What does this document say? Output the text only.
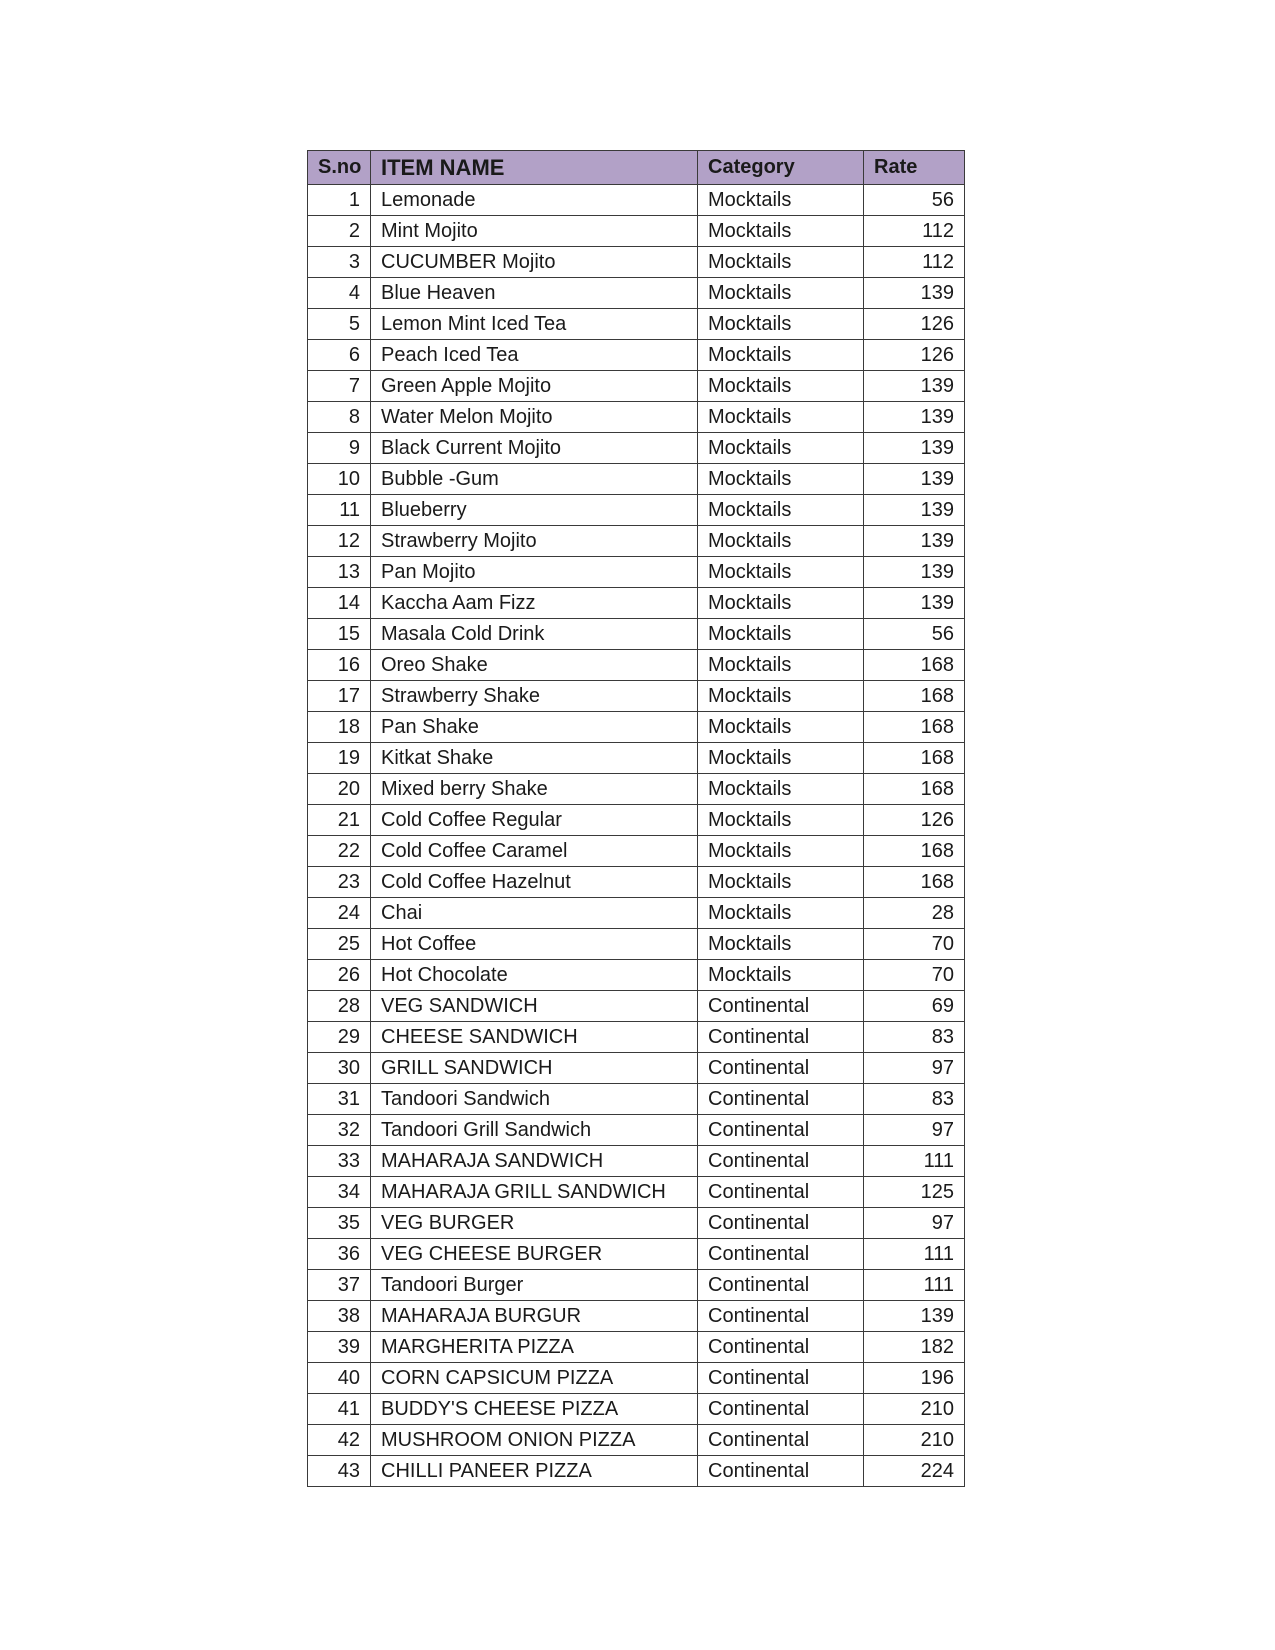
S.no	ITEM NAME	Category	Rate
1	Lemonade	Mocktails	56
2	Mint Mojito	Mocktails	112
3	CUCUMBER Mojito	Mocktails	112
4	Blue Heaven	Mocktails	139
5	Lemon Mint Iced Tea	Mocktails	126
6	Peach Iced Tea	Mocktails	126
7	Green Apple Mojito	Mocktails	139
8	Water Melon Mojito	Mocktails	139
9	Black Current Mojito	Mocktails	139
10	Bubble -Gum	Mocktails	139
11	Blueberry	Mocktails	139
12	Strawberry Mojito	Mocktails	139
13	Pan Mojito	Mocktails	139
14	Kaccha Aam Fizz	Mocktails	139
15	Masala Cold Drink	Mocktails	56
16	Oreo Shake	Mocktails	168
17	Strawberry Shake	Mocktails	168
18	Pan Shake	Mocktails	168
19	Kitkat Shake	Mocktails	168
20	Mixed berry Shake	Mocktails	168
21	Cold Coffee Regular	Mocktails	126
22	Cold Coffee Caramel	Mocktails	168
23	Cold Coffee Hazelnut	Mocktails	168
24	Chai	Mocktails	28
25	Hot Coffee	Mocktails	70
26	Hot Chocolate	Mocktails	70
28	VEG SANDWICH	Continental	69
29	CHEESE SANDWICH	Continental	83
30	GRILL SANDWICH	Continental	97
31	Tandoori Sandwich	Continental	83
32	Tandoori Grill Sandwich	Continental	97
33	MAHARAJA SANDWICH	Continental	111
34	MAHARAJA GRILL SANDWICH	Continental	125
35	VEG BURGER	Continental	97
36	VEG CHEESE BURGER	Continental	111
37	Tandoori Burger	Continental	111
38	MAHARAJA BURGUR	Continental	139
39	MARGHERITA PIZZA	Continental	182
40	CORN CAPSICUM PIZZA	Continental	196
41	BUDDY'S CHEESE PIZZA	Continental	210
42	MUSHROOM ONION PIZZA	Continental	210
43	CHILLI PANEER PIZZA	Continental	224
